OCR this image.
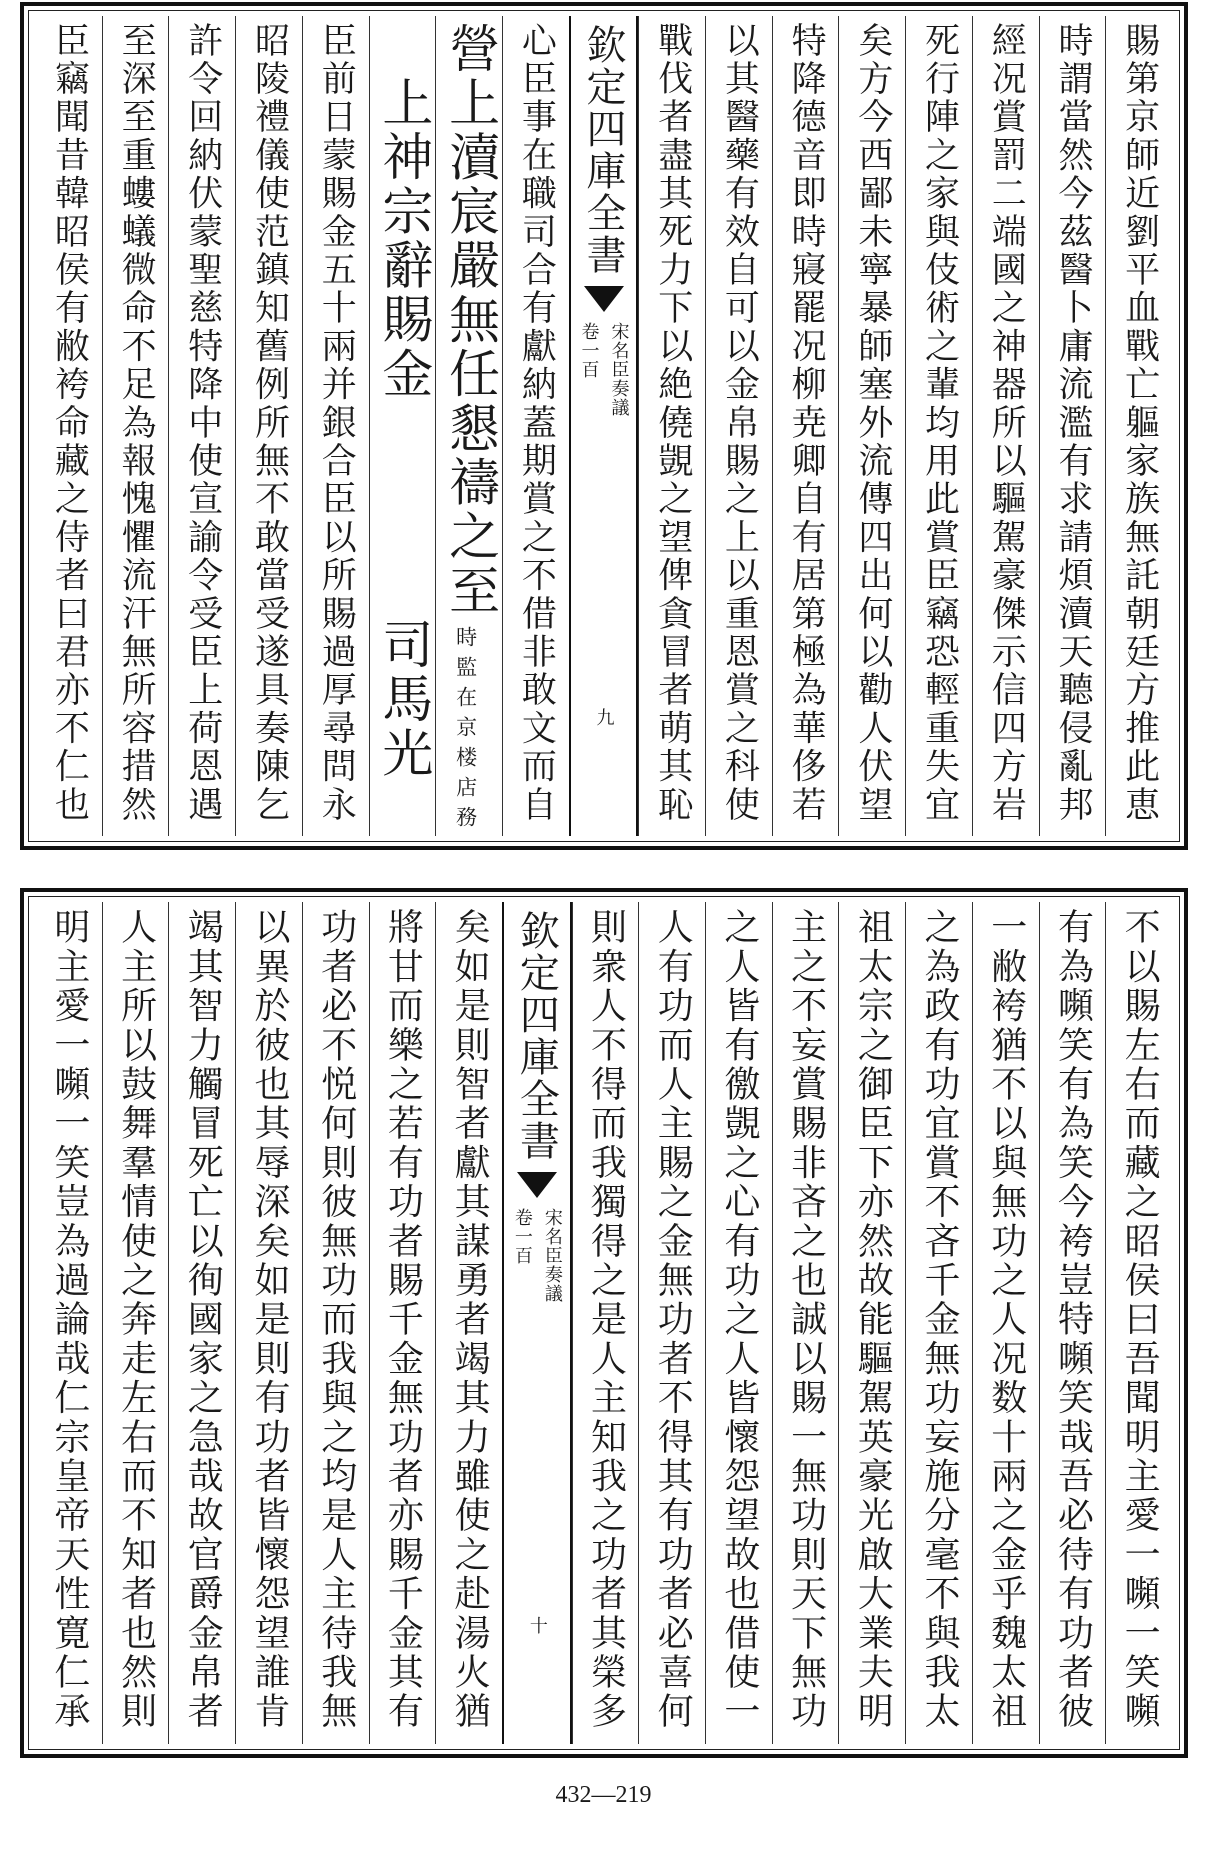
賜第京師近劉平血戰亡軀家族無託朝廷方推此恵
時謂當然今茲醫卜庸流濫有求請煩瀆天聽侵亂邦
經况賞罰二端國之神器所以驅駕豪傑示信四方岩
死行陣之家與伎術之輩均用此賞臣竊恐輕重失宜
矣方今西鄙未寧暴師塞外流傳四出何以勸人伏望
特降德音即時寢罷况柳尭卿自有居第極為華侈若
以其醫藥有效自可以金帛賜之上以重恩賞之科使
戰伐者盡其死力下以絶僥覬之望俾貪冒者萌其恥
欽定四庫全書
宋名臣奏議
卷一百
九
心臣事在職司合有獻納蓋期賞之不借非敢文而自
營上瀆宸嚴無任懇禱之至
時監在京楼店務
上神宗辭賜金　　　　司馬光
臣前日蒙賜金五十兩并銀合臣以所賜過厚尋問永
昭陵禮儀使范鎮知舊例所無不敢當受遂具奏陳乞
許令回納伏蒙聖慈特降中使宣諭令受臣上荷恩遇
至深至重螻蟻微命不足為報愧懼流汗無所容措然
臣竊聞昔韓昭侯有敝袴命藏之侍者曰君亦不仁也
不以賜左右而藏之昭侯曰吾聞明主愛一嚬一笑嚬
有為嚬笑有為笑今袴豈特嚬笑哉吾必待有功者彼
一敝袴猶不以與無功之人况数十兩之金乎魏太祖
之為政有功宜賞不吝千金無功妄施分毫不與我太
祖太宗之御臣下亦然故能驅駕英豪光啟大業夫明
主之不妄賞賜非吝之也誠以賜一無功則天下無功
之人皆有徼覬之心有功之人皆懷怨望故也借使一
人有功而人主賜之金無功者不得其有功者必喜何
則衆人不得而我獨得之是人主知我之功者其榮多
欽定四庫全書
宋名臣奏議
卷一百
十
矣如是則智者獻其謀勇者竭其力雖使之赴湯火猶
將甘而樂之若有功者賜千金無功者亦賜千金其有
功者必不悦何則彼無功而我與之均是人主待我無
以異於彼也其辱深矣如是則有功者皆懷怨望誰肯
竭其智力觸冒死亡以徇國家之急哉故官爵金帛者
人主所以鼓舞羣情使之奔走左右而不知者也然則
明主愛一嚬一笑豈為過論哉仁宗皇帝天性寛仁承
432—219
